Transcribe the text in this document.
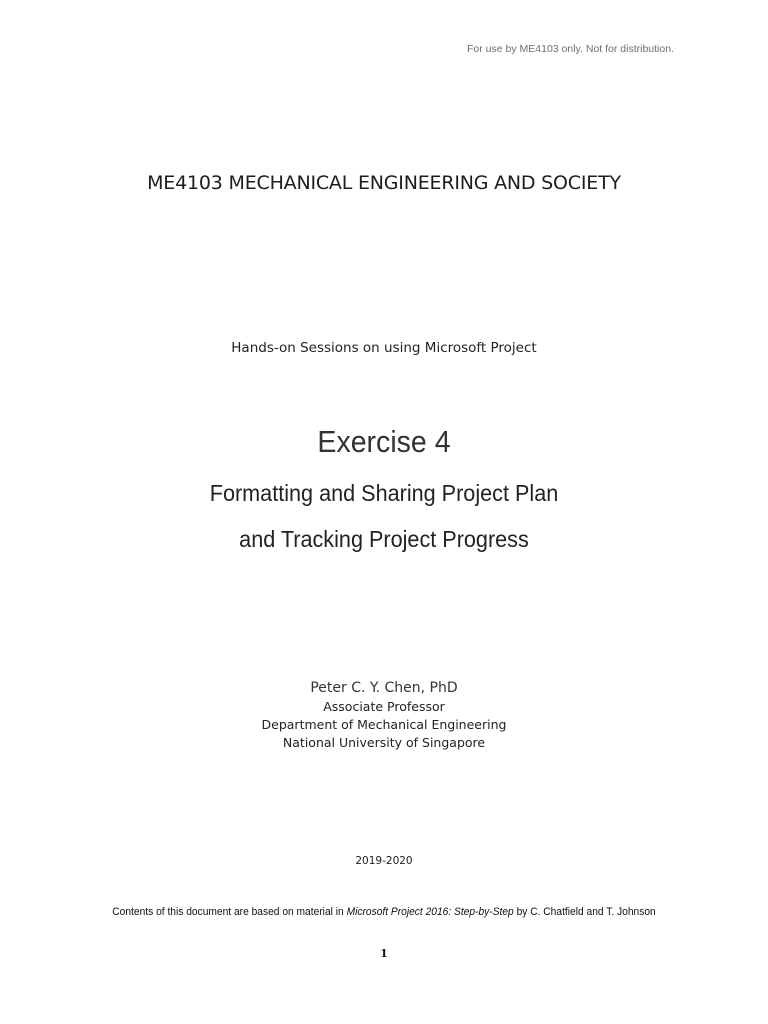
For use by ME4103 only. Not for distribution.
ME4103 MECHANICAL ENGINEERING AND SOCIETY
Hands-on Sessions on using Microsoft Project
Exercise 4
Formatting and Sharing Project Plan
and Tracking Project Progress
Peter C. Y. Chen, PhD
Associate Professor
Department of Mechanical Engineering
National University of Singapore
2019-2020
Contents of this document are based on material in Microsoft Project 2016: Step-by-Step by C. Chatfield and T. Johnson
1
